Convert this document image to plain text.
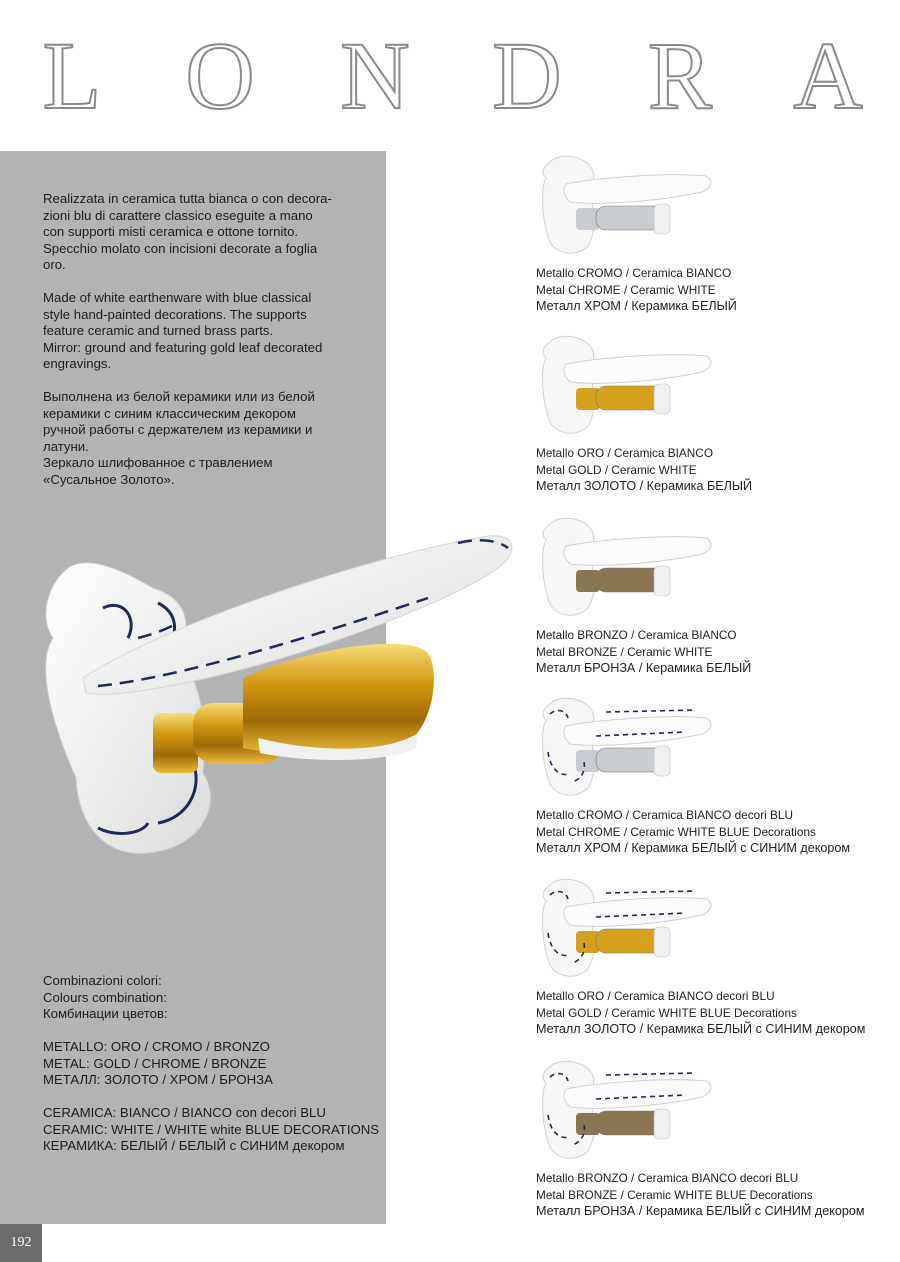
L O N D R A

Realizzata in ceramica tutta bianca o con decora-
zioni blu di carattere classico eseguite a mano
con supporti misti ceramica e ottone tornito.
Specchio molato con incisioni decorate a foglia
oro.

Made of white earthenware with blue classical
style hand-painted decorations. The supports
feature ceramic and turned brass parts.
Mirror: ground and featuring gold leaf decorated
engravings.

Выполнена из белой керамики или из белой
керамики с синим классическим декором
ручной работы с держателем из керамики и
латуни.
Зеркало шлифованное с травлением
«Сусальное Золото».

Combinazioni colori:
Colours combination:
Комбинации цветов:

METALLO: ORO / CROMO / BRONZO
METAL: GOLD / CHROME / BRONZE
МЕТАЛЛ: ЗОЛОТО / ХРОМ / БРОНЗА

CERAMICA: BIANCO / BIANCO con decori BLU
CERAMIC: WHITE / WHITE white BLUE DECORATIONS
КЕРАМИКА: БЕЛЫЙ / БЕЛЫЙ с СИНИМ декором

192
Metallo CROMO / Ceramica BIANCO
Metal CHROME / Ceramic WHITE
Металл ХРОМ / Керамика БЕЛЫЙ
Metallo ORO / Ceramica BIANCO
Metal GOLD / Ceramic WHITE
Металл ЗОЛОТО / Керамика БЕЛЫЙ
Metallo BRONZO / Ceramica BIANCO
Metal BRONZE / Ceramic WHITE
Металл БРОНЗА / Керамика БЕЛЫЙ
Metallo CROMO / Ceramica BIANCO decori BLU
Metal CHROME / Ceramic WHITE BLUE Decorations
Металл ХРОМ / Керамика БЕЛЫЙ с СИНИМ декором
Metallo ORO / Ceramica BIANCO decori BLU
Metal GOLD / Ceramic WHITE BLUE Decorations
Металл ЗОЛОТО / Керамика БЕЛЫЙ с СИНИМ декором
Metallo BRONZO / Ceramica BIANCO decori BLU
Metal BRONZE / Ceramic WHITE BLUE Decorations
Металл БРОНЗА / Керамика БЕЛЫЙ с СИНИМ декором
